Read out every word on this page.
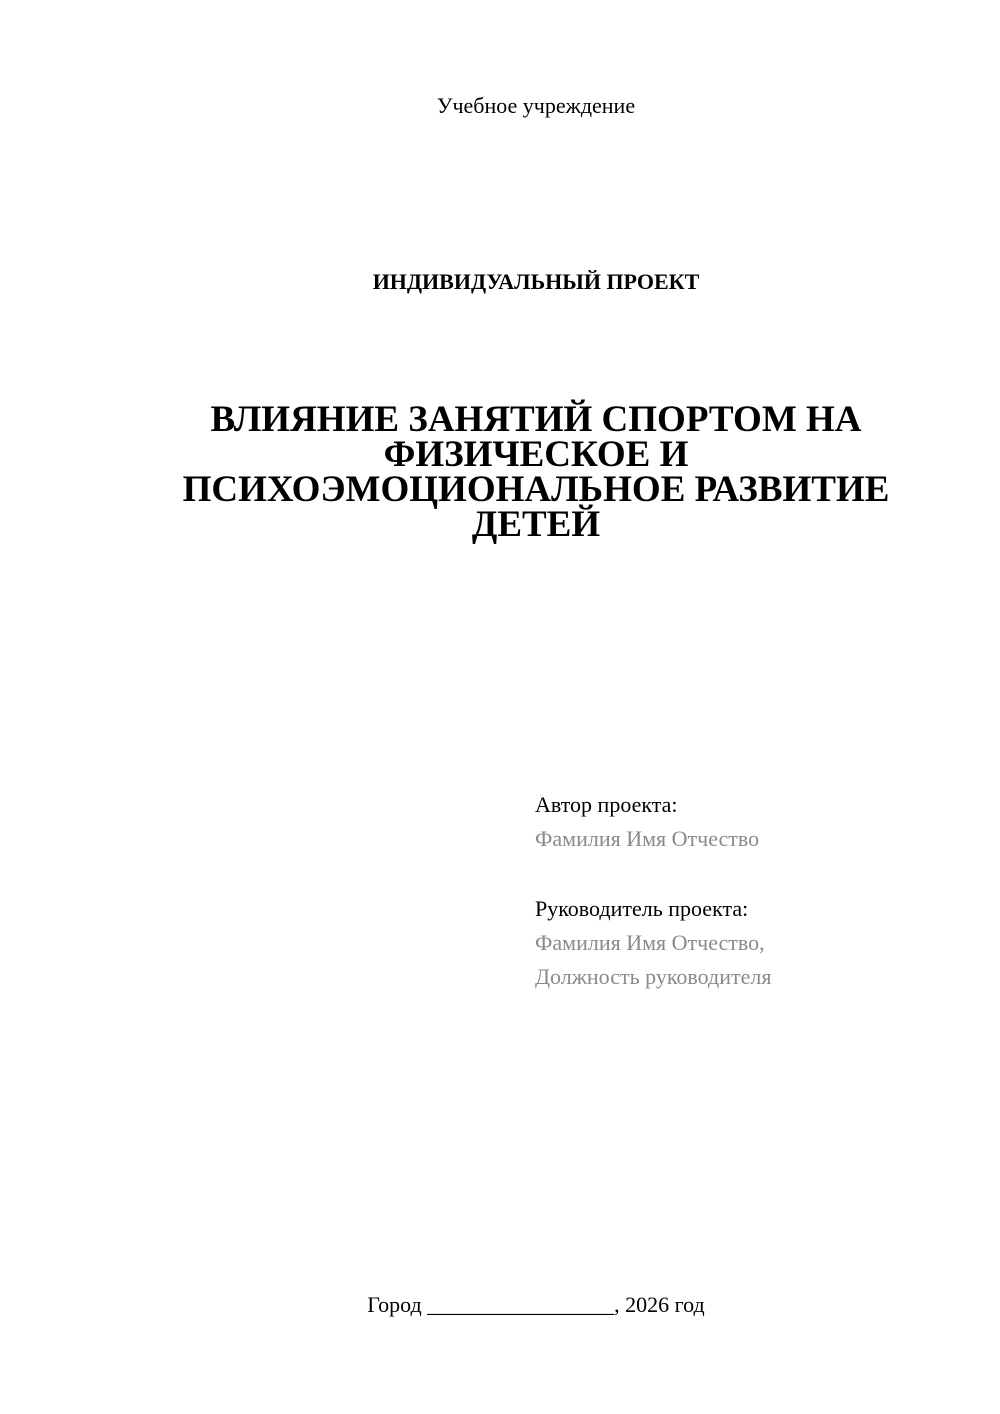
Учебное учреждение
ИНДИВИДУАЛЬНЫЙ ПРОЕКТ
ВЛИЯНИЕ ЗАНЯТИЙ СПОРТОМ НА
ФИЗИЧЕСКОЕ И
ПСИХОЭМОЦИОНАЛЬНОЕ РАЗВИТИЕ
ДЕТЕЙ
Автор проекта:
Фамилия Имя Отчество
Руководитель проекта:
Фамилия Имя Отчество,
Должность руководителя
Город _________________, 2026 год
